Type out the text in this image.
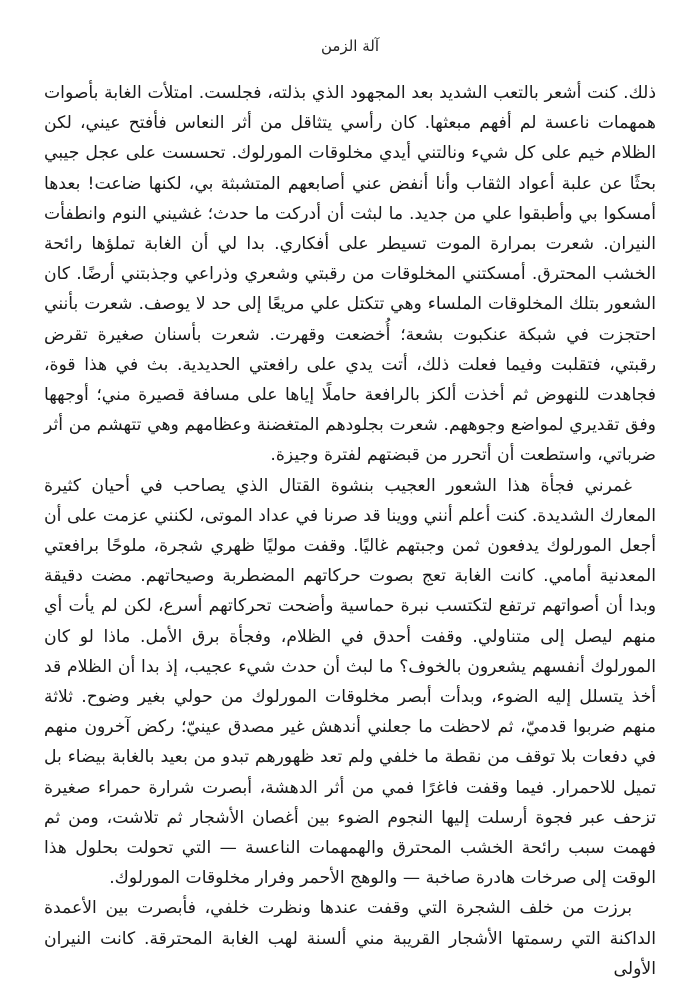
آلة الزمن

ذلك. كنت أشعر بالتعب الشديد بعد المجهود الذي بذلته، فجلست. امتلأت الغابة بأصوات همهمات ناعسة لم أفهم مبعثها. كان رأسي يتثاقل من أثر النعاس فأفتح عيني، لكن الظلام خيم على كل شيء ونالتني أيدي مخلوقات المورلوك. تحسست على عجل جيبي بحثًا عن علبة أعواد الثقاب وأنا أنفض عني أصابعهم المتشبثة بي، لكنها ضاعت! بعدها أمسكوا بي وأطبقوا علي من جديد. ما لبثت أن أدركت ما حدث؛ غشيني النوم وانطفأت النيران. شعرت بمرارة الموت تسيطر على أفكاري. بدا لي أن الغابة تملؤها رائحة الخشب المحترق. أمسكتني المخلوقات من رقبتي وشعري وذراعي وجذبتني أرضًا. كان الشعور بتلك المخلوقات الملساء وهي تتكتل علي مريعًا إلى حد لا يوصف. شعرت بأنني احتجزت في شبكة عنكبوت بشعة؛ أُخضعت وقهرت. شعرت بأسنان صغيرة تقرض رقبتي، فتقلبت وفيما فعلت ذلك، أتت يدي على رافعتي الحديدية. بث في هذا قوة، فجاهدت للنهوض ثم أخذت ألكز بالرافعة حاملًا إياها على مسافة قصيرة مني؛ أوجهها وفق تقديري لمواضع وجوههم. شعرت بجلودهم المتغضنة وعظامهم وهي تتهشم من أثر ضرباتي، واستطعت أن أتحرر من قبضتهم لفترة وجيزة.

غمرني فجأة هذا الشعور العجيب بنشوة القتال الذي يصاحب في أحيان كثيرة المعارك الشديدة. كنت أعلم أنني ووينا قد صرنا في عداد الموتى، لكنني عزمت على أن أجعل المورلوك يدفعون ثمن وجبتهم غاليًا. وقفت موليًا ظهري شجرة، ملوحًا برافعتي المعدنية أمامي. كانت الغابة تعج بصوت حركاتهم المضطربة وصيحاتهم. مضت دقيقة وبدا أن أصواتهم ترتفع لتكتسب نبرة حماسية وأضحت تحركاتهم أسرع، لكن لم يأت أي منهم ليصل إلى متناولي. وقفت أحدق في الظلام، وفجأة برق الأمل. ماذا لو كان المورلوك أنفسهم يشعرون بالخوف؟ ما لبث أن حدث شيء عجيب، إذ بدا أن الظلام قد أخذ يتسلل إليه الضوء، وبدأت أبصر مخلوقات المورلوك من حولي بغير وضوح. ثلاثة منهم ضربوا قدميّ، ثم لاحظت ما جعلني أندهش غير مصدق عينيّ؛ ركض آخرون منهم في دفعات بلا توقف من نقطة ما خلفي ولم تعد ظهورهم تبدو من بعيد بالغابة بيضاء بل تميل للاحمرار. فيما وقفت فاغرًا فمي من أثر الدهشة، أبصرت شرارة حمراء صغيرة تزحف عبر فجوة أرسلت إليها النجوم الضوء بين أغصان الأشجار ثم تلاشت، ومن ثم فهمت سبب رائحة الخشب المحترق والهمهمات الناعسة — التي تحولت بحلول هذا الوقت إلى صرخات هادرة صاخبة — والوهج الأحمر وفرار مخلوقات المورلوك.

برزت من خلف الشجرة التي وقفت عندها ونظرت خلفي، فأبصرت بين الأعمدة الداكنة التي رسمتها الأشجار القريبة مني ألسنة لهب الغابة المحترقة. كانت النيران الأولى
